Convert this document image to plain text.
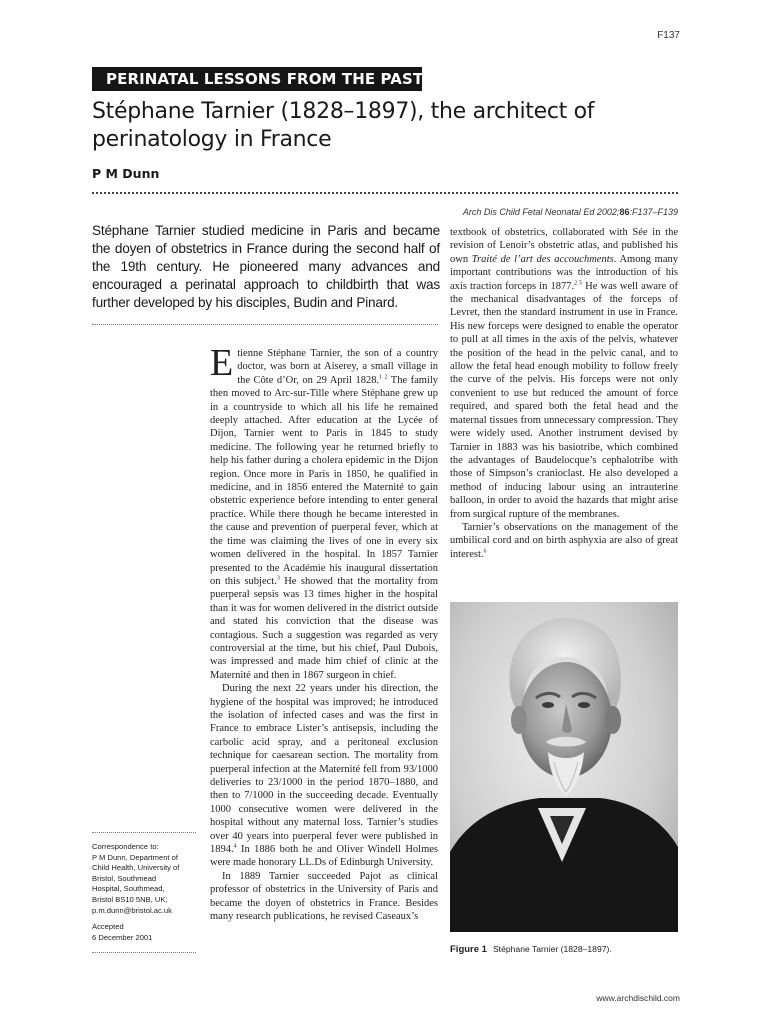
F137
PERINATAL LESSONS FROM THE PAST
Stéphane Tarnier (1828–1897), the architect of perinatology in France
P M Dunn
Arch Dis Child Fetal Neonatal Ed 2002;86:F137–F139

Stéphane Tarnier studied medicine in Paris and became the doyen of obstetrics in France during the second half of the 19th century. He pioneered many advances and encouraged a perinatal approach to childbirth that was further developed by his disciples, Budin and Pinard.

Etienne Stéphane Tarnier, the son of a country doctor, was born at Aiserey, a small village in the Côte d’Or, on 29 April 1828.$^{1 2}$ The family then moved to Arc-sur-Tille where Stéphane grew up in a countryside to which all his life he remained deeply attached. After education at the Lycée of Dijon, Tarnier went to Paris in 1845 to study medicine. The following year he returned briefly to help his father during a cholera epidemic in the Dijon region. Once more in Paris in 1850, he qualified in medicine, and in 1856 entered the Maternité to gain obstetric experience before intending to enter general practice. While there though he became interested in the cause and prevention of puerperal fever, which at the time was claiming the lives of one in every six women delivered in the hospital. In 1857 Tarnier presented to the Académie his inaugural dissertation on this subject.$^3$ He showed that the mortality from puerperal sepsis was 13 times higher in the hospital than it was for women delivered in the district outside and stated his conviction that the disease was contagious. Such a suggestion was regarded as very controversial at the time, but his chief, Paul Dubois, was impressed and made him chief of clinic at the Maternité and then in 1867 surgeon in chief.

During the next 22 years under his direction, the hygiene of the hospital was improved; he introduced the isolation of infected cases and was the first in France to embrace Lister’s antisepsis, including the carbolic acid spray, and a peritoneal exclusion technique for caesarean section. The mortality from puerperal infection at the Maternité fell from 93/1000 deliveries to 23/1000 in the period 1870–1880, and then to 7/1000 in the succeeding decade. Eventually 1000 consecutive women were delivered in the hospital without any maternal loss. Tarnier’s studies over 40 years into puerperal fever were published in 1894.$^4$ In 1886 both he and Oliver Windell Holmes were made honorary LL.Ds of Edinburgh University.

In 1889 Tarnier succeeded Pajot as clinical professor of obstetrics in the University of Paris and became the doyen of obstetrics in France. Besides many research publications, he revised Caseaux’s

textbook of obstetrics, collaborated with Sée in the revision of Lenoir’s obstetric atlas, and published his own Traité de l’art des accouchments. Among many important contributions was the introduction of his axis traction forceps in 1877.$^{2 5}$ He was well aware of the mechanical disadvantages of the forceps of Levret, then the standard instrument in use in France. His new forceps were designed to enable the operator to pull at all times in the axis of the pelvis, whatever the position of the head in the pelvic canal, and to allow the fetal head enough mobility to follow freely the curve of the pelvis. His forceps were not only convenient to use but reduced the amount of force required, and spared both the fetal head and the maternal tissues from unnecessary compression. They were widely used. Another instrument devised by Tarnier in 1883 was his basiotribe, which combined the advantages of Baudelocque’s cephalotribe with those of Simpson’s cranioclast. He also developed a method of inducing labour using an intrauterine balloon, in order to avoid the hazards that might arise from surgical rupture of the membranes.

Tarnier’s observations on the management of the umbilical cord and on birth asphyxia are also of great interest.$^6$

Correspondence to:

P M Dunn, Department of

Child Health, University of

Bristol, Southmead

Hospital, Southmead,

Bristol BS10 5NB, UK;

p.m.dunn@bristol.ac.uk

Accepted

6 December 2001

Figure 1 Stéphane Tarnier (1828–1897).
www.archdischild.com
